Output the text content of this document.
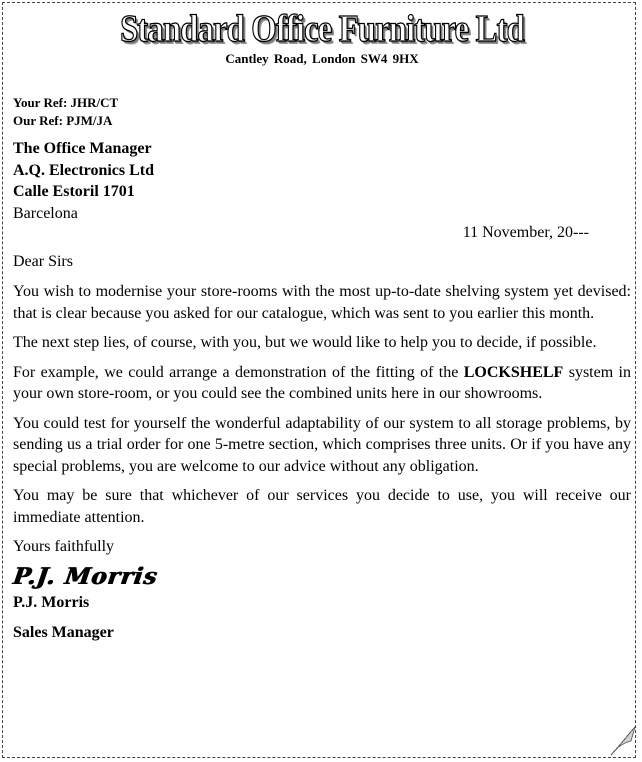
Standard Office Furniture Ltd
Cantley Road, London SW4 9HX
Your Ref: JHR/CT
Our Ref: PJM/JA
The Office Manager
A.Q. Electronics Ltd
Calle Estoril 1701
Barcelona
11 November, 20---
Dear Sirs

You wish to modernise your store-rooms with the most up-to-date shelving system yet devised: that is clear because you asked for our catalogue, which was sent to you earlier this month.

The next step lies, of course, with you, but we would like to help you to decide, if possible.

For example, we could arrange a demonstration of the fitting of the LOCKSHELF system in your own store-room, or you could see the combined units here in our showrooms.

You could test for yourself the wonderful adaptability of our system to all storage problems, by sending us a trial order for one 5-metre section, which comprises three units. Or if you have any special problems, you are welcome to our advice without any obligation.

You may be sure that whichever of our services you decide to use, you will receive our immediate attention.

Yours faithfully
P.J. Morris
P.J. Morris
Sales Manager
